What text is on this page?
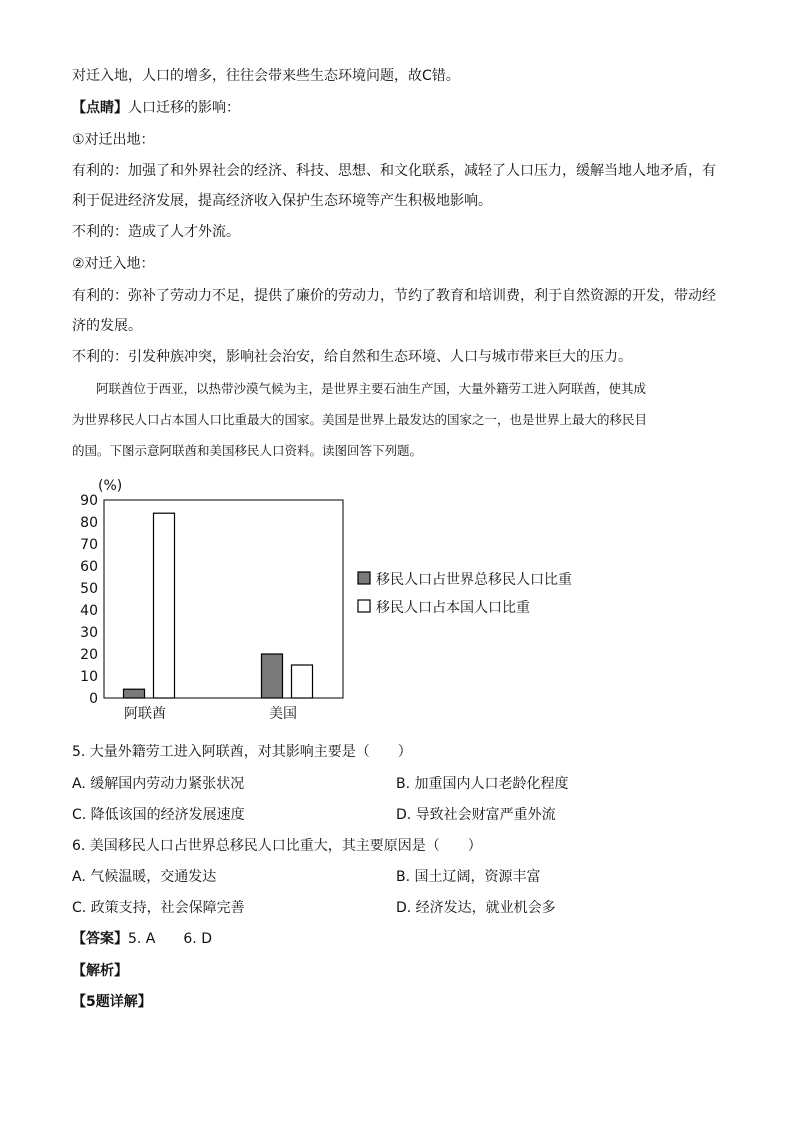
对迁入地，人口的增多，往往会带来些生态环境问题，故C错。
【点睛】人口迁移的影响：
①对迁出地：
有利的：加强了和外界社会的经济、科技、思想、和文化联系，减轻了人口压力，缓解当地人地矛盾，有
利于促进经济发展，提高经济收入保护生态环境等产生积极地影响。
不利的：造成了人才外流。
②对迁入地：
有利的：弥补了劳动力不足，提供了廉价的劳动力，节约了教育和培训费，利于自然资源的开发，带动经
济的发展。
不利的：引发种族冲突，影响社会治安，给自然和生态环境、人口与城市带来巨大的压力。
阿联酋位于西亚，以热带沙漠气候为主，是世界主要石油生产国，大量外籍劳工进入阿联酋，使其成
为世界移民人口占本国人口比重最大的国家。美国是世界上最发达的国家之一，也是世界上最大的移民目
的国。下图示意阿联酋和美国移民人口资料。读图回答下列题。
(%)
0
10
20
30
40
50
60
70
80
90
阿联酋	美国
移民人口占世界总移民人口比重
移民人口占本国人口比重
5. 大量外籍劳工进入阿联酋，对其影响主要是（　　）
A. 缓解国内劳动力紧张状况	B. 加重国内人口老龄化程度
C. 降低该国的经济发展速度	D. 导致社会财富严重外流
6. 美国移民人口占世界总移民人口比重大，其主要原因是（　　）
A. 气候温暖，交通发达	B. 国土辽阔，资源丰富
C. 政策支持，社会保障完善	D. 经济发达，就业机会多
【答案】5. A　　6. D
【解析】
【5题详解】
